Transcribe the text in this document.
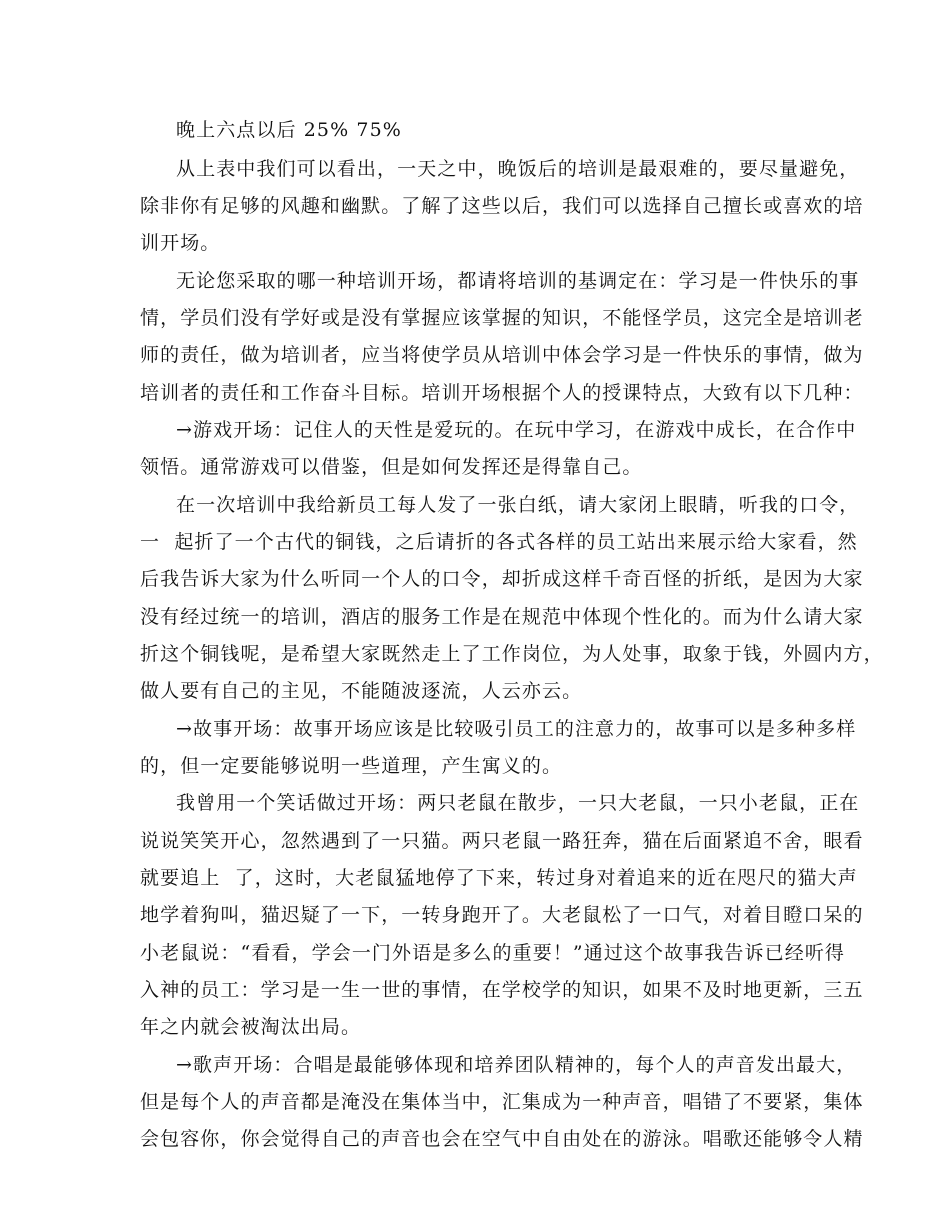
晚上六点以后 25% 75%
从上表中我们可以看出，一天之中，晚饭后的培训是最艰难的，要尽量避免，
除非你有足够的风趣和幽默。了解了这些以后，我们可以选择自己擅长或喜欢的培
训开场。
无论您采取的哪一种培训开场，都请将培训的基调定在：学习是一件快乐的事
情，学员们没有学好或是没有掌握应该掌握的知识，不能怪学员，这完全是培训老
师的责任，做为培训者，应当将使学员从培训中体会学习是一件快乐的事情，做为
培训者的责任和工作奋斗目标。培训开场根据个人的授课特点，大致有以下几种：
→游戏开场：记住人的天性是爱玩的。在玩中学习，在游戏中成长，在合作中
领悟。通常游戏可以借鉴，但是如何发挥还是得靠自己。
在一次培训中我给新员工每人发了一张白纸，请大家闭上眼睛，听我的口令，
一  起折了一个古代的铜钱，之后请折的各式各样的员工站出来展示给大家看，然
后我告诉大家为什么听同一个人的口令，却折成这样千奇百怪的折纸，是因为大家
没有经过统一的培训，酒店的服务工作是在规范中体现个性化的。而为什么请大家
折这个铜钱呢，是希望大家既然走上了工作岗位，为人处事，取象于钱，外圆内方，
做人要有自己的主见，不能随波逐流，人云亦云。
→故事开场：故事开场应该是比较吸引员工的注意力的，故事可以是多种多样
的，但一定要能够说明一些道理，产生寓义的。
我曾用一个笑话做过开场：两只老鼠在散步，一只大老鼠，一只小老鼠，正在
说说笑笑开心，忽然遇到了一只猫。两只老鼠一路狂奔，猫在后面紧追不舍，眼看
就要追上  了，这时，大老鼠猛地停了下来，转过身对着追来的近在咫尺的猫大声
地学着狗叫，猫迟疑了一下，一转身跑开了。大老鼠松了一口气，对着目瞪口呆的
小老鼠说：“看看，学会一门外语是多么的重要！”通过这个故事我告诉已经听得
入神的员工：学习是一生一世的事情，在学校学的知识，如果不及时地更新，三五
年之内就会被淘汰出局。
→歌声开场：合唱是最能够体现和培养团队精神的，每个人的声音发出最大，
但是每个人的声音都是淹没在集体当中，汇集成为一种声音，唱错了不要紧，集体
会包容你，你会觉得自己的声音也会在空气中自由处在的游泳。唱歌还能够令人精
